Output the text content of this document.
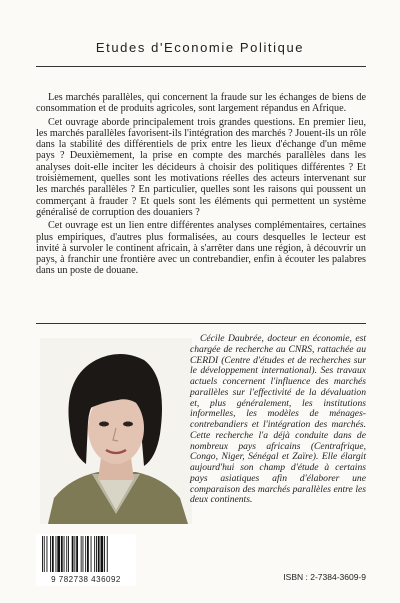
Etudes d'Economie Politique

Les marchés parallèles, qui concernent la fraude sur les échanges de biens de consommation et de produits agricoles, sont largement répandus en Afrique.

Cet ouvrage aborde principalement trois grandes questions. En premier lieu, les marchés parallèles favorisent-ils l'intégration des marchés ? Jouent-ils un rôle dans la stabilité des différentiels de prix entre les lieux d'échange d'un même pays ? Deuxièmement, la prise en compte des marchés parallèles dans les analyses doit-elle inciter les décideurs à choisir des politiques différentes ? Et troisièmement, quelles sont les motivations réelles des acteurs intervenant sur les marchés parallèles ? En particulier, quelles sont les raisons qui poussent un commerçant à frauder ? Et quels sont les éléments qui permettent un système généralisé de corruption des douaniers ?

Cet ouvrage est un lien entre différentes analyses complémentaires, certaines plus empiriques, d'autres plus formalisées, au cours desquelles le lecteur est invité à survoler le continent africain, à s'arrêter dans une région, à découvrir un pays, à franchir une frontière avec un contrebandier, enfin à écouter les palabres dans un poste de douane.

Cécile Daubrée, docteur en économie, est chargée de recherche au CNRS, rattachée au CERDI (Centre d'études et de recherches sur le développement international). Ses travaux actuels concernent l'influence des marchés parallèles sur l'effectivité de la dévaluation et, plus généralement, les institutions informelles, les modèles de ménages-contrebandiers et l'intégration des marchés. Cette recherche l'a déjà conduite dans de nombreux pays africains (Centrafrique, Congo, Niger, Sénégal et Zaïre). Elle élargit aujourd'hui son champ d'étude à certains pays asiatiques afin d'élaborer une comparaison des marchés parallèles entre les deux continents.

9 782738 436092	ISBN : 2-7384-3609-9
